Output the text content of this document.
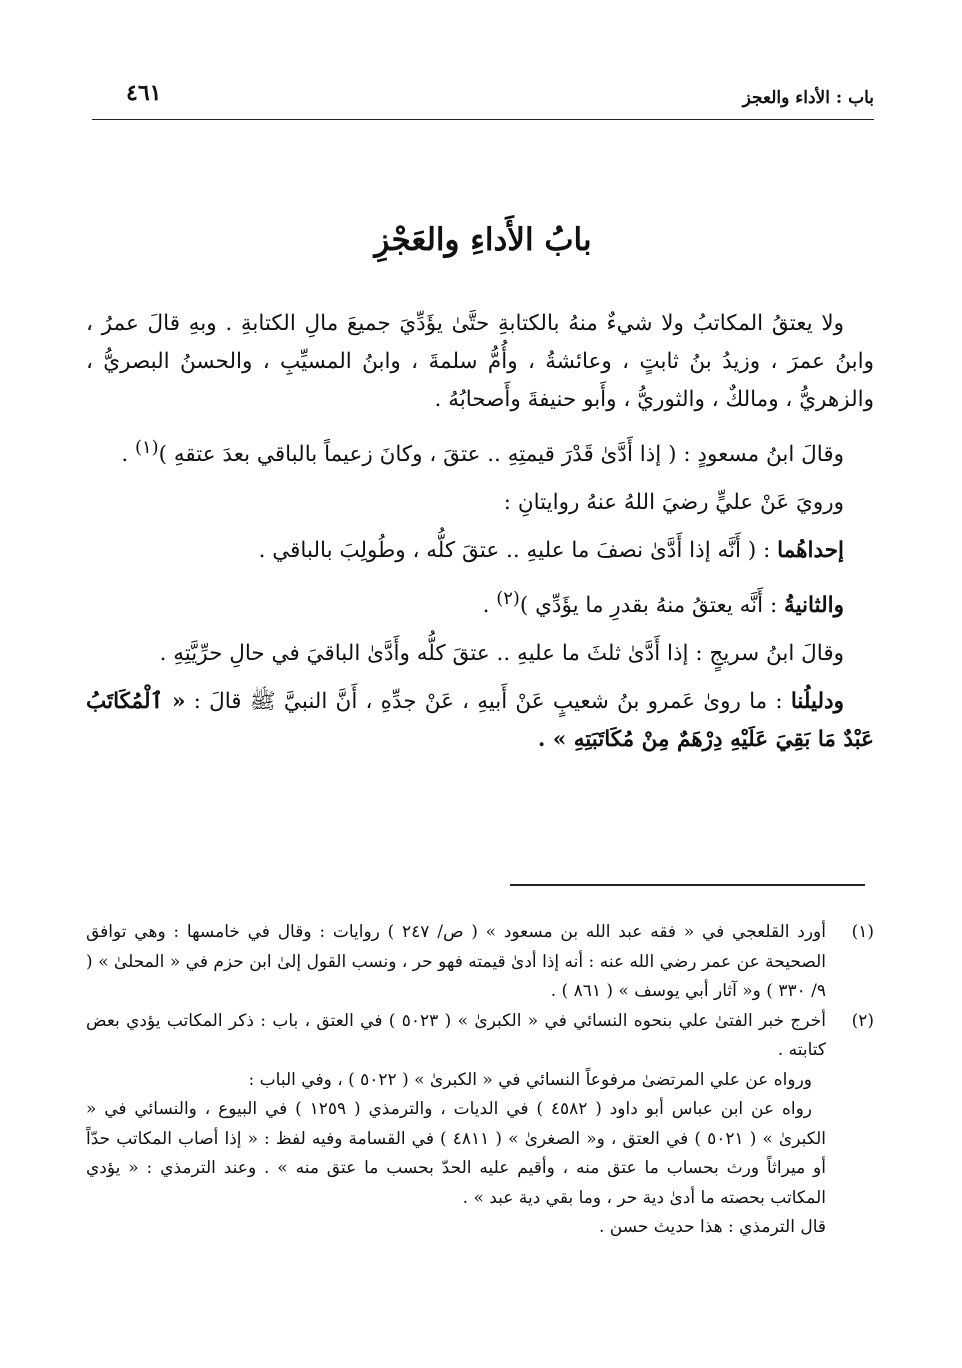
باب : الأداء والعجز
٤٦١
بابُ الأَداءِ والعَجْزِ

ولا يعتقُ المكاتبُ ولا شيءٌ منهُ بالكتابةِ حتَّىٰ يؤَدِّيَ جميعَ مالِ الكتابةِ . وبهِ قالَ عمرُ ، وابنُ عمرَ ، وزيدُ بنُ ثابتٍ ، وعائشةُ ، وأُمُّ سلمةَ ، وابنُ المسيِّبِ ، والحسنُ البصريُّ ، والزهريُّ ، ومالكٌ ، والثوريُّ ، وأَبو حنيفةَ وأَصحابُهُ .

وقالَ ابنُ مسعودٍ : ( إذا أَدَّىٰ قَدْرَ قيمتِهِ .. عتقَ ، وكانَ زعيماً بالباقي بعدَ عتقهِ )$^{(١)}$ .

ورويَ عَنْ عليٍّ رضيَ اللهُ عنهُ روايتانِ :

إحداهُما : ( أَنَّه إذا أَدَّىٰ نصفَ ما عليهِ .. عتقَ كلُّه ، وطُولِبَ بالباقي .

والثانيةُ : أَنَّه يعتقُ منهُ بقدرِ ما يؤَدِّي )$^{(٢)}$ .

وقالَ ابنُ سريجٍ : إذا أَدَّىٰ ثلثَ ما عليهِ .. عتقَ كلُّه وأَدَّىٰ الباقيَ في حالِ حرِّيَّتِهِ .

ودليلُنا : ما روىٰ عَمرو بنُ شعيبٍ عَنْ أَبيهِ ، عَنْ جدِّهِ ، أَنَّ النبيَّ ﷺ قالَ : « ٱلْمُكَاتَبُ عَبْدٌ مَا بَقِيَ عَلَيْهِ دِرْهَمٌ مِنْ مُكَاتَبَتِهِ » .

(١)

أورد القلعجي في « فقه عبد الله بن مسعود » ( ص/ ٢٤٧ ) روايات : وقال في خامسها : وهي توافق الصحيحة عن عمر رضي الله عنه : أنه إذا أدىٰ قيمته فهو حر ، ونسب القول إلىٰ ابن حزم في « المحلىٰ » ( ٩/ ٣٣٠ ) و« آثار أبي يوسف » ( ٨٦١ ) .

(٢)

أخرج خبر الفتىٰ علي بنحوه النسائي في « الكبرىٰ » ( ٥٠٢٣ ) في العتق ، باب : ذكر المكاتب يؤدي بعض كتابته .

ورواه عن علي المرتضىٰ مرفوعاً النسائي في « الكبرىٰ » ( ٥٠٢٢ ) ، وفي الباب :

رواه عن ابن عباس أبو داود ( ٤٥٨٢ ) في الديات ، والترمذي ( ١٢٥٩ ) في البيوع ، والنسائي في « الكبرىٰ » ( ٥٠٢١ ) في العتق ، و« الصغرىٰ » ( ٤٨١١ ) في القسامة وفيه لفظ : « إذا أصاب المكاتب حدّاً أو ميراثاً ورث بحساب ما عتق منه ، وأقيم عليه الحدّ بحسب ما عتق منه » . وعند الترمذي : « يؤدي المكاتب بحصته ما أدىٰ دية حر ، وما بقي دية عبد » .

قال الترمذي : هذا حديث حسن .
